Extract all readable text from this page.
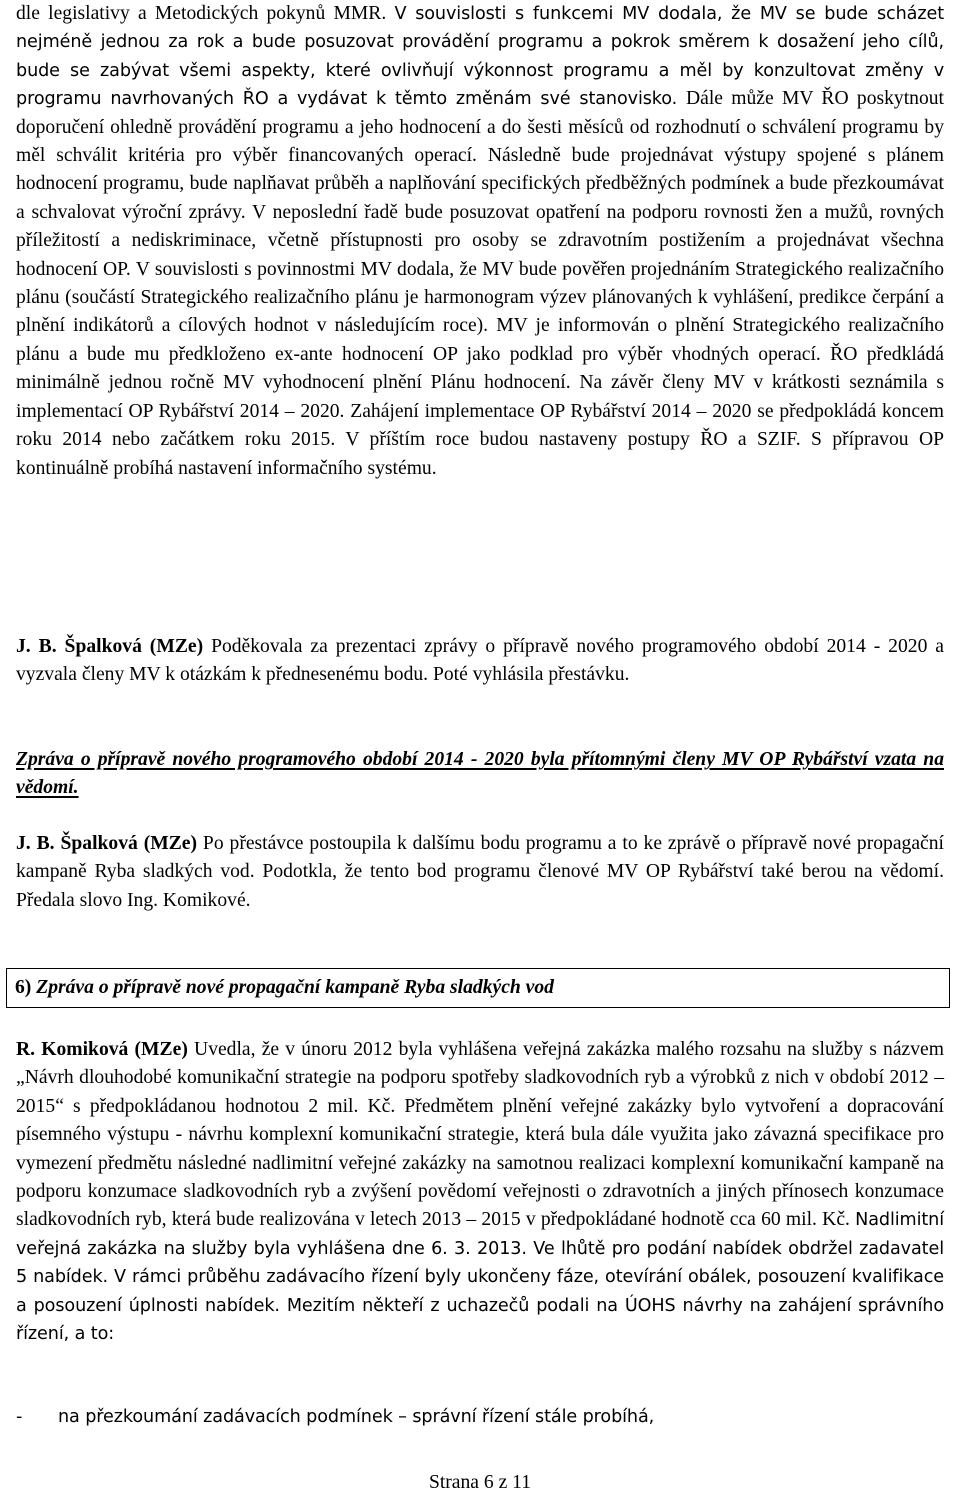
dle legislativy a Metodických pokynů MMR. V souvislosti s funkcemi MV dodala, že MV se bude scházet nejméně jednou za rok a bude posuzovat provádění programu a pokrok směrem k dosažení jeho cílů, bude se zabývat všemi aspekty, které ovlivňují výkonnost programu a měl by konzultovat změny v programu navrhovaných ŘO a vydávat k těmto změnám své stanovisko. Dále může MV ŘO poskytnout doporučení ohledně provádění programu a jeho hodnocení a do šesti měsíců od rozhodnutí o schválení programu by měl schválit kritéria pro výběr financovaných operací. Následně bude projednávat výstupy spojené s plánem hodnocení programu, bude naplňavat průběh a naplňování specifických předběžných podmínek a bude přezkoumávat a schvalovat výroční zprávy. V neposlední řadě bude posuzovat opatření na podporu rovnosti žen a mužů, rovných příležitostí a nediskriminace, včetně přístupnosti pro osoby se zdravotním postižením a projednávat všechna hodnocení OP. V souvislosti s povinnostmi MV dodala, že MV bude pověřen projednáním Strategického realizačního plánu (součástí Strategického realizačního plánu je harmonogram výzev plánovaných k vyhlášení, predikce čerpání a plnění indikátorů a cílových hodnot v následujícím roce). MV je informován o plnění Strategického realizačního plánu a bude mu předkloženo ex-ante hodnocení OP jako podklad pro výběr vhodných operací. ŘO předkládá minimálně jednou ročně MV vyhodnocení plnění Plánu hodnocení. Na závěr členy MV v krátkosti seznámila s implementací OP Rybářství 2014 – 2020. Zahájení implementace OP Rybářství 2014 – 2020 se předpokládá koncem roku 2014 nebo začátkem roku 2015. V příštím roce budou nastaveny postupy ŘO a SZIF. S přípravou OP kontinuálně probíhá nastavení informačního systému.

J. B. Špalková (MZe) Poděkovala za prezentaci zprávy o přípravě nového programového období 2014 - 2020 a vyzvala členy MV k otázkám k přednesenému bodu. Poté vyhlásila přestávku.

Zpráva o přípravě nového programového období 2014 - 2020 byla přítomnými členy MV OP Rybářství vzata na vědomí.

J. B. Špalková (MZe) Po přestávce postoupila k dalšímu bodu programu a to ke zprávě o přípravě nové propagační kampaně Ryba sladkých vod. Podotkla, že tento bod programu členové MV OP Rybářství také berou na vědomí. Předala slovo Ing. Komikové.

6) Zpráva o přípravě nové propagační kampaně Ryba sladkých vod

R. Komiková (MZe) Uvedla, že v únoru 2012 byla vyhlášena veřejná zakázka malého rozsahu na služby s názvem „Návrh dlouhodobé komunikační strategie na podporu spotřeby sladkovodních ryb a výrobků z nich v období 2012 – 2015“ s předpokládanou hodnotou 2 mil. Kč. Předmětem plnění veřejné zakázky bylo vytvoření a dopracování písemného výstupu - návrhu komplexní komunikační strategie, která bula dále využita jako závazná specifikace pro vymezení předmětu následné nadlimitní veřejné zakázky na samotnou realizaci komplexní komunikační kampaně na podporu konzumace sladkovodních ryb a zvýšení povědomí veřejnosti o zdravotních a jiných přínosech konzumace sladkovodních ryb, která bude realizována v letech 2013 – 2015 v předpokládané hodnotě cca 60 mil. Kč. Nadlimitní veřejná zakázka na služby byla vyhlášena dne 6. 3. 2013. Ve lhůtě pro podání nabídek obdržel zadavatel 5 nabídek. V rámci průběhu zadávacího řízení byly ukončeny fáze, otevírání obálek, posouzení kvalifikace a posouzení úplnosti nabídek. Mezitím někteří z uchazečů podali na ÚOHS návrhy na zahájení správního řízení, a to:

-	na přezkoumání zadávacích podmínek – správní řízení stále probíhá,
Strana 6 z 11
